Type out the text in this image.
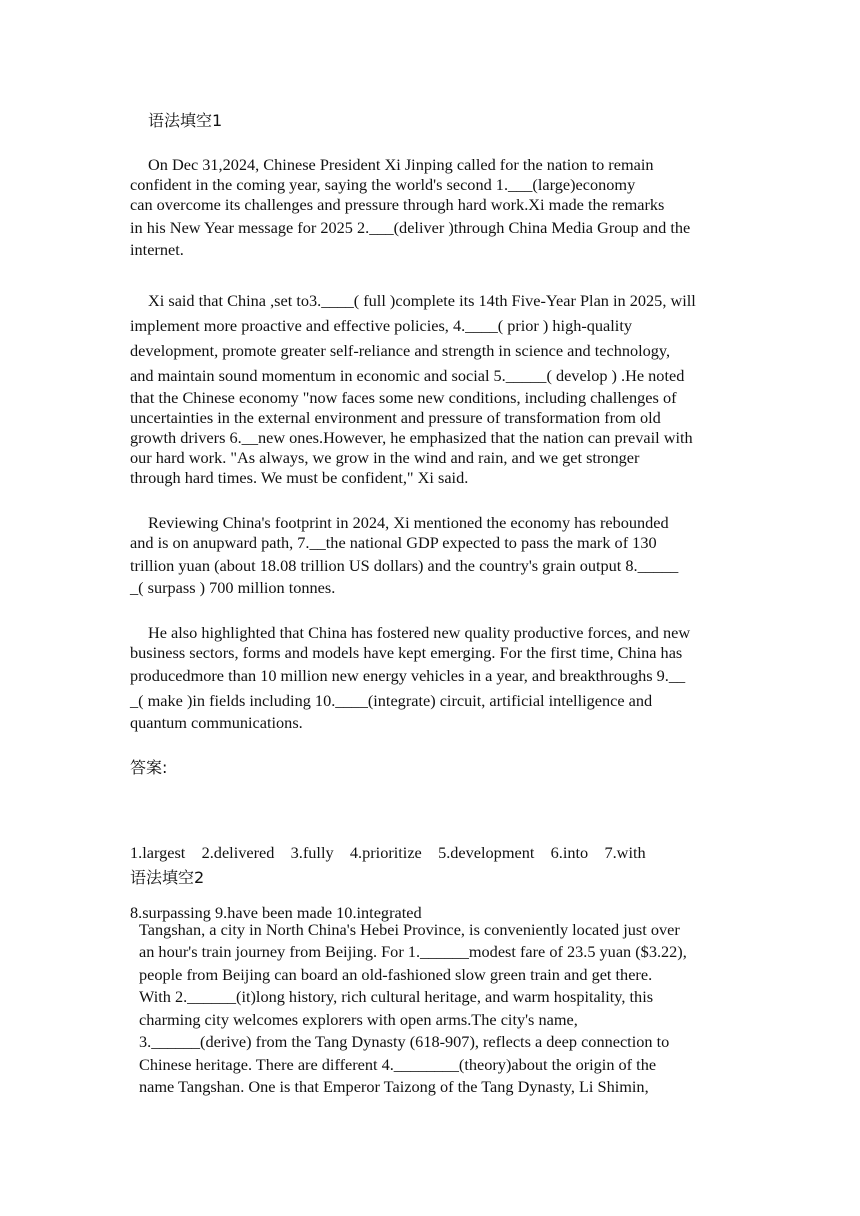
语法填空1
On Dec 31,2024, Chinese President Xi Jinping called for the nation to remain
confident in the coming year, saying the world's second 1.___(large)economy
can overcome its challenges and pressure through hard work.Xi made the remarks
in his New Year message for 2025 2.___(deliver )through China Media Group and the
internet.
Xi said that China ,set to3.____( full )complete its 14th Five-Year Plan in 2025, will
implement more proactive and effective policies, 4.____( prior ) high-quality
development, promote greater self-reliance and strength in science and technology,
and maintain sound momentum in economic and social 5._____( develop ) .He noted
that the Chinese economy "now faces some new conditions, including challenges of
uncertainties in the external environment and pressure of transformation from old
growth drivers 6.__new ones.However, he emphasized that the nation can prevail with
our hard work. "As always, we grow in the wind and rain, and we get stronger
through hard times. We must be confident," Xi said.
Reviewing China's footprint in 2024, Xi mentioned the economy has rebounded
and is on anupward path, 7.__the national GDP expected to pass the mark of 130
trillion yuan (about 18.08 trillion US dollars) and the country's grain output 8._____
_( surpass ) 700 million tonnes.
He also highlighted that China has fostered new quality productive forces, and new
business sectors, forms and models have kept emerging. For the first time, China has
producedmore than 10 million new energy vehicles in a year, and breakthroughs 9.__
_( make )in fields including 10.____(integrate) circuit, artificial intelligence and
quantum communications.
答案:

1.largest    2.delivered    3.fully    4.prioritize    5.development    6.into    7.with

8.surpassing 9.have been made 10.integrated

语法填空2
Tangshan, a city in North China's Hebei Province, is conveniently located just over
an hour's train journey from Beijing. For 1.______modest fare of 23.5 yuan ($3.22),
people from Beijing can board an old-fashioned slow green train and get there.
With 2.______(it)long history, rich cultural heritage, and warm hospitality, this
charming city welcomes explorers with open arms.The city's name,
3.______(derive) from the Tang Dynasty (618-907), reflects a deep connection to
Chinese heritage. There are different 4.________(theory)about the origin of the
name Tangshan. One is that Emperor Taizong of the Tang Dynasty, Li Shimin,
